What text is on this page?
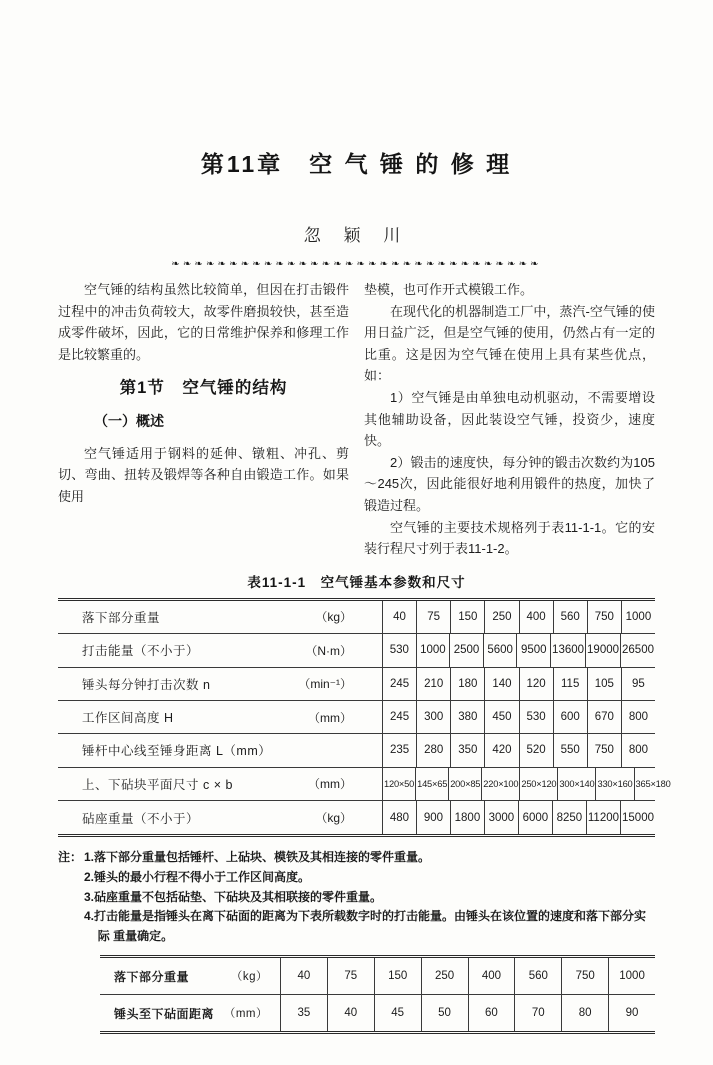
第11章　空 气 锤 的 修 理
忽 颖 川
❧❧❧❧❧❧❧❧❧❧❧❧❧❧❧❧❧❧❧❧❧❧❧❧❧❧❧❧❧❧❧❧

空气锤的结构虽然比较简单，但因在打击锻件过程中的冲击负荷较大，故零件磨损较快，甚至造成零件破坏，因此，它的日常维护保养和修理工作是比较繁重的。

第1节　空气锤的结构
（一）概述

空气锤适用于钢料的延伸、镦粗、冲孔、剪切、弯曲、扭转及锻焊等各种自由锻造工作。如果使用

垫模，也可作开式模锻工作。

在现代化的机器制造工厂中，蒸汽-空气锤的使用日益广泛，但是空气锤的使用，仍然占有一定的比重。这是因为空气锤在使用上具有某些优点，如：

1）空气锤是由单独电动机驱动，不需要增设其他辅助设备，因此装设空气锤，投资少，速度快。

2）锻击的速度快，每分钟的锻击次数约为105～245次，因此能很好地利用锻件的热度，加快了锻造过程。

空气锤的主要技术规格列于表11-1-1。它的安装行程尺寸列于表11-1-2。

表11-1-1　空气锤基本参数和尺寸
落下部分重量	（kg）	40	75	150	250	400	560	750	1000
打击能量（不小于）	（N·m）	530 1000 2500 5600 9500 13600 19000 26500
锤头每分钟打击次数 n	（min⁻¹）	245	210	180	140	120	115	105	95
工作区间高度 H	（mm）	245	300	380	450	530	600	670	800
锤杆中心线至锤身距离 L（mm）	235	280	350	420	520	550	750	800
上、下砧块平面尺寸 c × b	（mm）	120×50 145×65 200×85 220×100 250×120 300×140 330×160 365×180
砧座重量（不小于）	（kg）	480	900	1800 3000 6000 8250 11200 15000
注： 1.落下部分重量包括锤杆、上砧块、模铁及其相连接的零件重量。
2.锤头的最小行程不得小于工作区间高度。
3.砧座重量不包括砧垫、下砧块及其相联接的零件重量。
4.打击能量是指锤头在离下砧面的距离为下表所载数字时的打击能量。由锤头在该位置的速度和落下部分实际 重量确定。
落下部分重量	（kg）	40	75	150	250	400	560	750	1000
锤头至下砧面距离 （mm）	35	40	45	50	60	70	80	90
